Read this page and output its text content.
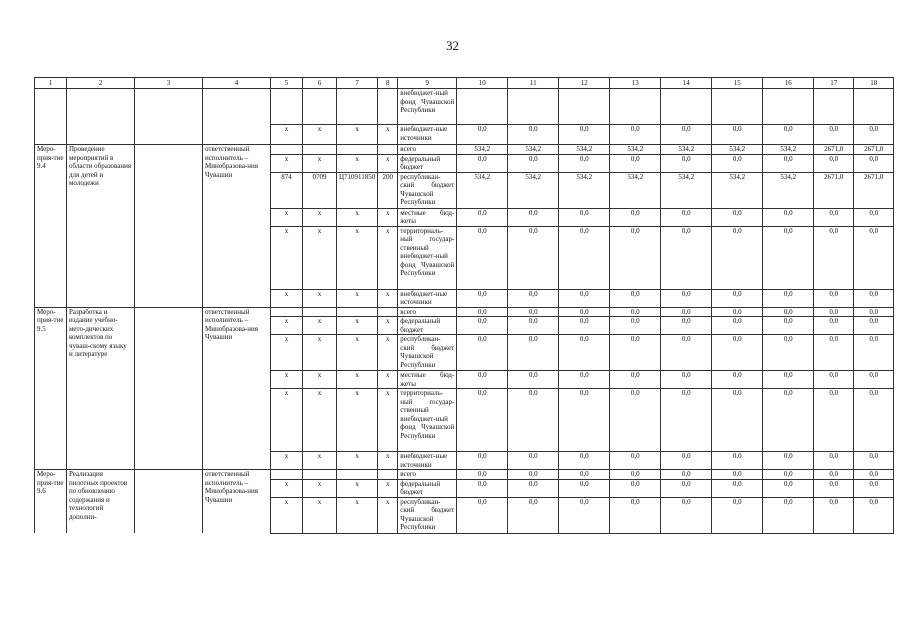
32
1	2	3	4	5	6	7	8	9	10	11	12	13	14	15	16	17	18
								внебюджет-ный фонд Чувашской Республики									
				x	x	x	x	внебюджет-ные источники	0,0	0,0	0,0	0,0	0,0	0,0	0,0	0,0	0,0
Меро-прия-тие 9.4	Проведение мероприятий в области образования для детей и молодежи		ответственный исполнитель – Минобразова-ния Чувашии					всего	534,2	534,2	534,2	534,2	534,2	534,2	534,2	2671,0	2671,0
				x	x	x	x	федеральный бюджет	0,0	0,0	0,0	0,0	0,0	0,0	0,0	0,0	0,0
				874	0709	Ц710911850	200	республикан-ский бюджет Чувашской Республики	534,2	534,2	534,2	534,2	534,2	534,2	534,2	2671,0	2671,0
				x	x	x	x	местные бюд-жеты	0,0	0,0	0,0	0,0	0,0	0,0	0,0	0,0	0,0
				x	x	x	x	территориаль-ный государ-ственный внебюджет-ный фонд Чувашской Республики	0,0	0,0	0,0	0,0	0,0	0,0	0,0	0,0	0,0
				x	x	x	x	внебюджет-ные источники	0,0	0,0	0,0	0,0	0,0	0,0	0,0	0,0	0,0
Меро-прия-тие 9.5	Разработка и издание учебно-мето-дических комплектов по чуваш-скому языку и литературе		ответственный исполнитель – Минобразова-ния Чувашии					всего	0,0	0,0	0,0	0,0	0,0	0,0	0,0	0,0	0,0
				x	x	x	x	федеральный бюджет	0,0	0,0	0,0	0,0	0,0	0,0	0,0	0,0	0,0
				x	x	x	x	республикан-ский бюджет Чувашской Республики	0,0	0,0	0,0	0,0	0,0	0,0	0,0	0,0	0,0
				x	x	x	x	местные бюд-жеты	0,0	0,0	0,0	0,0	0,0	0,0	0,0	0,0	0,0
				x	x	x	x	территориаль-ный государ-ственный внебюджет-ный фонд Чувашской Республики	0,0	0,0	0,0	0,0	0,0	0,0	0,0	0,0	0,0
				x	x	x	x	внебюджет-ные источники	0,0	0,0	0,0	0,0	0,0	0,0	0,0	0,0	0,0
Меро-прия-тие 9.6	Реализация пилотных проектов по обновлению содержания и технологий дополни-		ответственный исполнитель – Минобразова-ния Чувашии					всего	0,0	0,0	0,0	0,0	0,0	0,0	0,0	0,0	0,0
				x	x	x	x	федеральный бюджет	0,0	0,0	0,0	0,0	0,0	0,0	0,0	0,0	0,0
				x	x	x	x	республикан-ский бюджет Чувашской Республики	0,0	0,0	0,0	0,0	0,0	0,0	0,0	0,0	0,0
